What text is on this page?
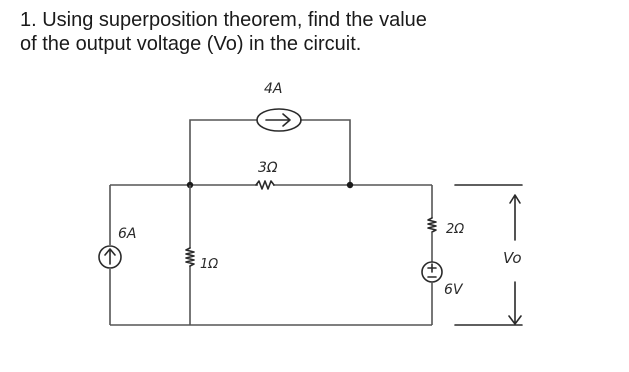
1. Using superposition theorem, find the value
of the output voltage (Vo) in the circuit.
4A
3Ω
6A
1Ω
2Ω
6V
Vo
